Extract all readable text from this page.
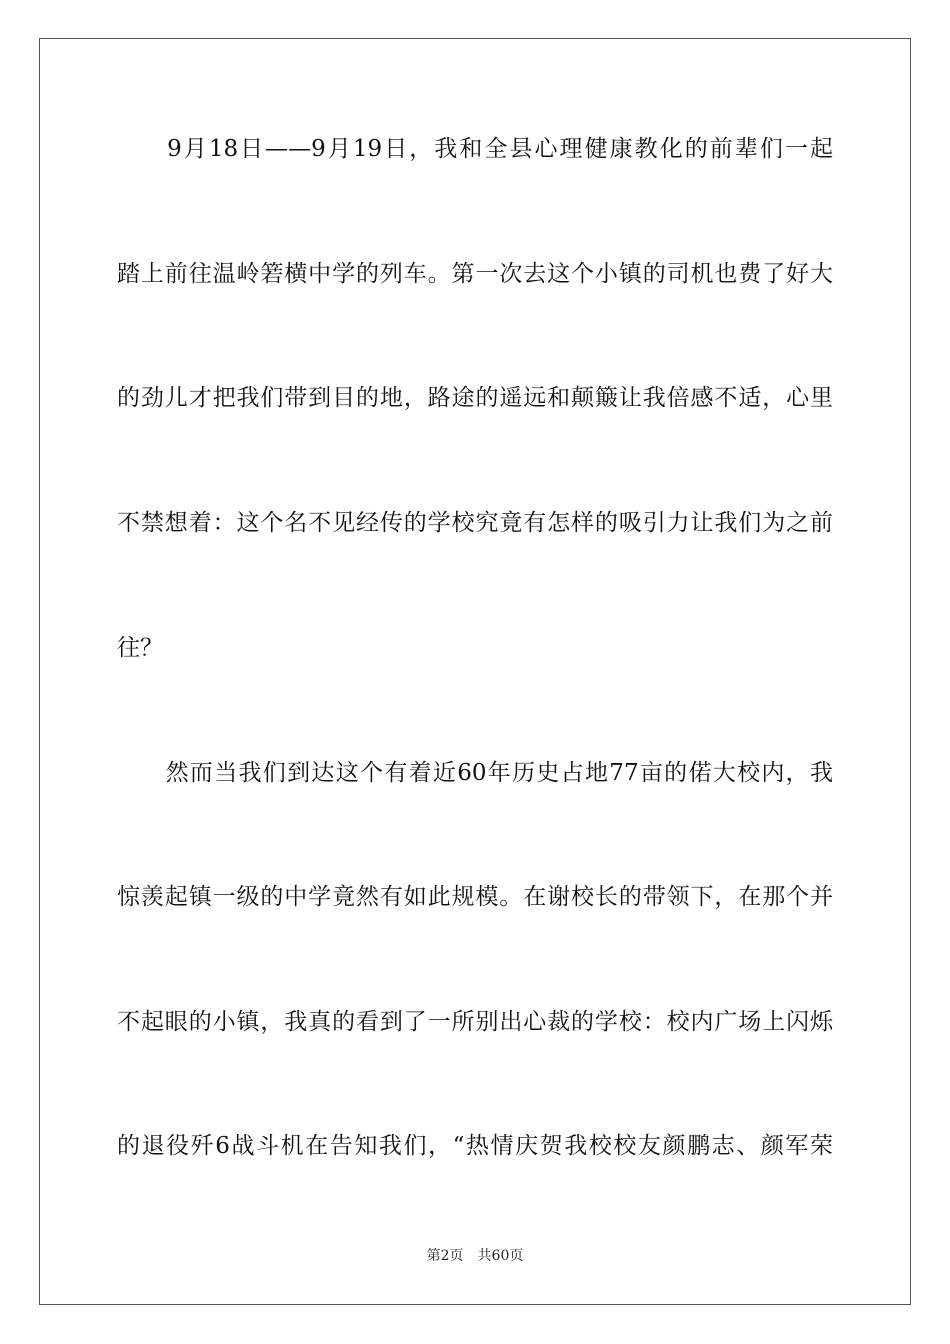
　　9月18日——9月19日，我和全县心理健康教化的前辈们一起
踏上前往温岭箬横中学的列车。第一次去这个小镇的司机也费了好大
的劲儿才把我们带到目的地，路途的遥远和颠簸让我倍感不适，心里
不禁想着：这个名不见经传的学校究竟有怎样的吸引力让我们为之前
往？
　　然而当我们到达这个有着近60年历史占地77亩的偌大校内，我
惊羡起镇一级的中学竟然有如此规模。在谢校长的带领下，在那个并
不起眼的小镇，我真的看到了一所别出心裁的学校：校内广场上闪烁
的退役歼6战斗机在告知我们，“热情庆贺我校校友颜鹏志、颜军荣
第2页　共60页
